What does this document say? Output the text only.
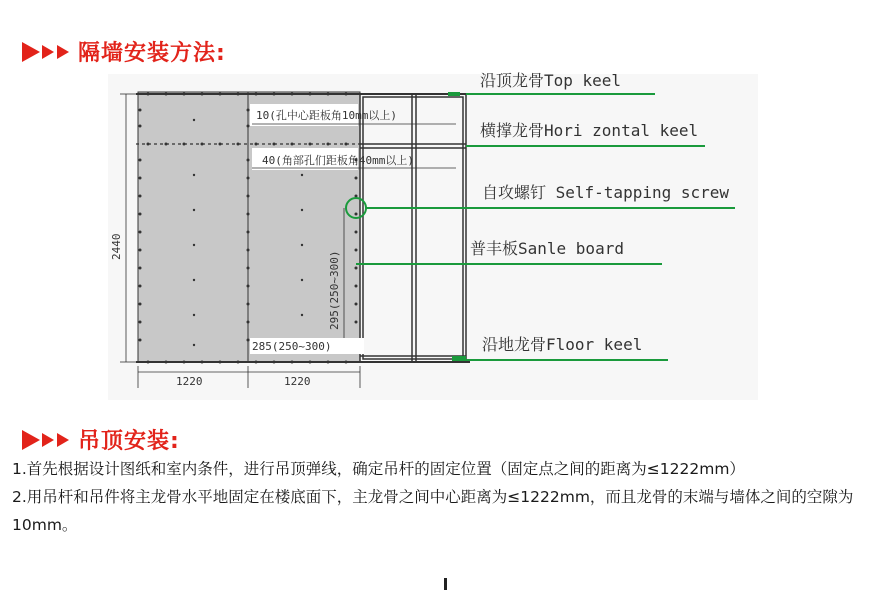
隔墙安装方法:
沿顶龙骨Top keel
横撑龙骨Hori zontal keel
自攻螺钉 Self-tapping screw
普丰板Sanle board
沿地龙骨Floor keel
10(孔中心距板角10mm以上)
40(角部孔们距板角40mm以上)
295(250~300)
285(250~300)
2440
1220	1220
吊顶安装:

1.首先根据设计图纸和室内条件，进行吊顶弹线，确定吊杆的固定位置（固定点之间的距离为≤1222mm）

2.用吊杆和吊件将主龙骨水平地固定在楼底面下，主龙骨之间中心距离为≤1222mm，而且龙骨的末端与墙体之间的空隙为10mm。
